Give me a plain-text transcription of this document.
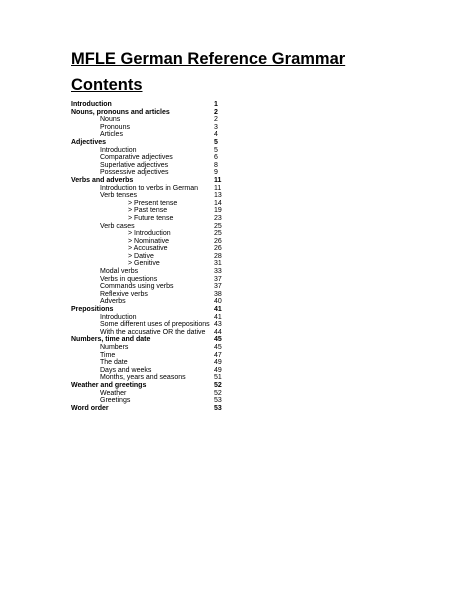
MFLE German Reference Grammar
Contents
Introduction	1
Nouns, pronouns and articles	2
Nouns	2
Pronouns	3
Articles	4
Adjectives	5
Introduction	5
Comparative adjectives	6
Superlative adjectives	8
Possessive adjectives	9
Verbs and adverbs	11
Introduction to verbs in German 11
Verb tenses	13
> Present tense	14
> Past tense	19
> Future tense	23
Verb cases	25
> Introduction	25
> Nominative	26
> Accusative	26
> Dative	28
> Genitive	31
Modal verbs	33
Verbs in questions	37
Commands using verbs	37
Reflexive verbs	38
Adverbs	40
Prepositions	41
Introduction	41
Some different uses of prepositions 43
With the accusative OR the dative 44
Numbers, time and date	45
Numbers	45
Time	47
The date	49
Days and weeks	49
Months, years and seasons	51
Weather and greetings	52
Weather	52
Greetings	53
Word order	53
